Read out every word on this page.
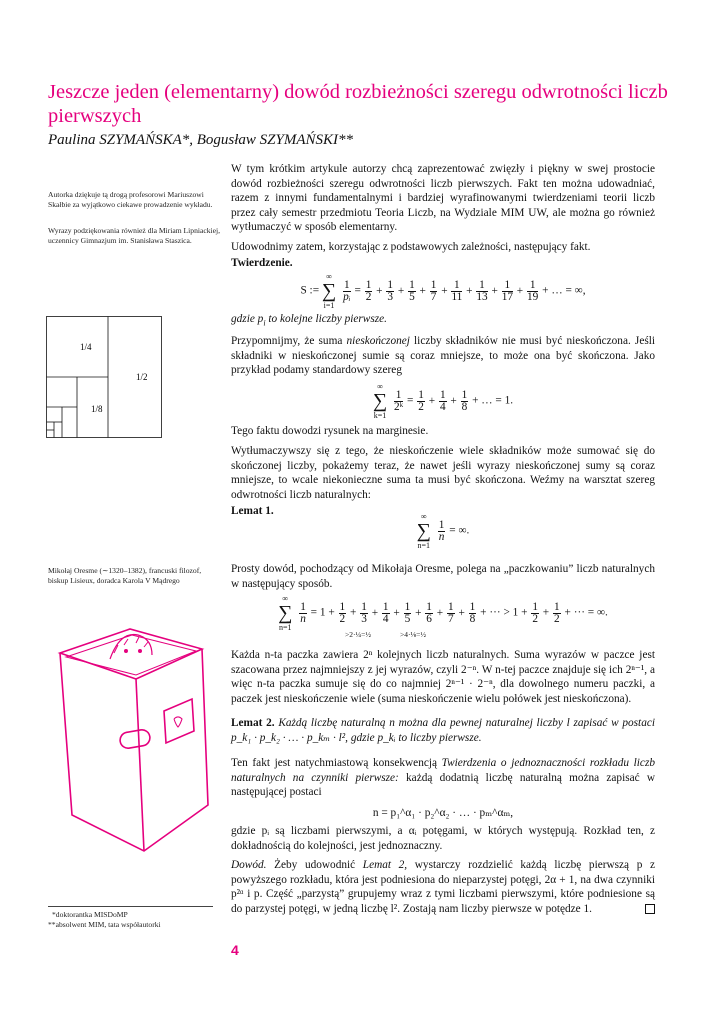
Jeszcze jeden (elementarny) dowód rozbieżności szeregu odwrotności liczb pierwszych
Paulina SZYMAŃSKA*, Bogusław SZYMAŃSKI**
Autorka dziękuje tą drogą profesorowi Mariuszowi Skałbie za wyjątkowo ciekawe prowadzenie wykładu.
Wyrazy podziękowania również dla Miriam Lipniackiej, uczennicy Gimnazjum im. Stanisława Staszica.
1/4
1/2
1/8
Mikołaj Oresme (∼1320–1382), francuski filozof, biskup Lisieux, doradca Karola V Mądrego
*doktorantka MISDoMP
**absolwent MIM, tata współautorki
4

W tym krótkim artykule autorzy chcą zaprezentować zwięzły i piękny w swej prostocie dowód rozbieżności szeregu odwrotności liczb pierwszych. Fakt ten można udowadniać, razem z innymi fundamentalnymi i bardziej wyrafinowanymi twierdzeniami teorii liczb przez cały semestr przedmiotu Teoria Liczb, na Wydziale MIM UW, ale można go również wytłumaczyć w sposób elementarny.

Udowodnimy zatem, korzystając z podstawowych zależności, następujący fakt.

Twierdzenie.
S := ∞
∑
i=1
$\frac{1}{\text{pᵢ}} = \frac{1}{2} + \frac{1}{3} + \frac{1}{5} + \frac{1}{7} + \frac{1}{11} + \frac{1}{13} + \frac{1}{17} + \frac{1}{19}$ + … = ∞,
gdzie $p_i$ to kolejne liczby pierwsze.

Przypomnijmy, że suma nieskończonej liczby składników nie musi być nieskończona. Jeśli składniki w nieskończonej sumie są coraz mniejsze, to może ona być skończona. Jako przykład podamy standardowy szereg

∞
∑
k=1
$\frac{1}{\text{2ᵏ}} = \frac{1}{2} + \frac{1}{4} + \frac{1}{8}$ + … = 1.
Tego faktu dowodzi rysunek na marginesie.

Wytłumaczywszy się z tego, że nieskończenie wiele składników może sumować się do skończonej liczby, pokażemy teraz, że nawet jeśli wyrazy nieskończonej sumy są coraz mniejsze, to wcale niekonieczne suma ta musi być skończona. Weźmy na warsztat szereg odwrotności liczb naturalnych:

Lemat 1.	∞
∑
n=1
$\frac{1}{n}$ = ∞.

Prosty dowód, pochodzący od Mikołaja Oresme, polega na „paczkowaniu” liczb naturalnych w następujący sposób.

∞
∑
n=1
$\frac{1}{n} = 1 + \frac{1}{2} + \frac{1}{3} + \frac{1}{4} + \frac{1}{5} + \frac{1}{6} + \frac{1}{7} + \frac{1}{8}$ + ··· > $1 + \frac{1}{2} + \frac{1}{2}$ + ··· = ∞.
>2·¼=½	>4·⅛=½

Każda n-ta paczka zawiera 2ⁿ kolejnych liczb naturalnych. Suma wyrazów w paczce jest szacowana przez najmniejszy z jej wyrazów, czyli 2⁻ⁿ. W n-tej paczce znajduje się ich 2ⁿ⁻¹, a więc n-ta paczka sumuje się do co najmniej 2ⁿ⁻¹ · 2⁻ⁿ, dla dowolnego numeru paczki, a paczek jest nieskończenie wiele (suma nieskończenie wielu połówek jest nieskończona).

Lemat 2. Każdą liczbę naturalną n można dla pewnej naturalnej liczby l zapisać w postaci p_k₁ · p_k₂ · … · p_kₘ · l², gdzie p_kᵢ to liczby pierwsze.

Ten fakt jest natychmiastową konsekwencją Twierdzenia o jednoznaczności rozkładu liczb naturalnych na czynniki pierwsze: każdą dodatnią liczbę naturalną można zapisać w następującej postaci

n = p₁^α₁ · p₂^α₂ · … · pₘ^αₘ,

gdzie pᵢ są liczbami pierwszymi, a αᵢ potęgami, w których występują. Rozkład ten, z dokładnością do kolejności, jest jednoznaczny.

Dowód. Żeby udowodnić Lemat 2, wystarczy rozdzielić każdą liczbę pierwszą p z powyższego rozkładu, która jest podniesiona do nieparzystej potęgi, 2α + 1, na dwa czynniki p²ᵅ i p. Część „parzystą” grupujemy wraz z tymi liczbami pierwszymi, które podniesione są do parzystej potęgi, w jedną liczbę l². Zostają nam liczby pierwsze w potędze 1.
